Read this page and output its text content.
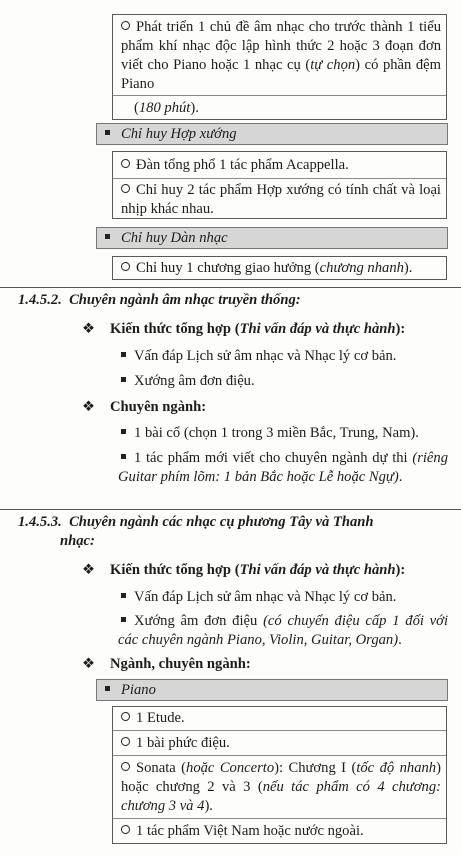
Phát triển 1 chủ đề âm nhạc cho trước thành 1 tiểu phẩm khí nhạc độc lập hình thức 2 hoặc 3 đoạn đơn viết cho Piano hoặc 1 nhạc cụ (tự chọn) có phần đệm Piano
(180 phút).
Chỉ huy Hợp xướng
Đàn tổng phổ 1 tác phẩm Acappella.
Chỉ huy 2 tác phẩm Hợp xướng có tính chất và loại nhịp khác nhau.
Chỉ huy Dàn nhạc
Chỉ huy 1 chương giao hưởng (chương nhanh).
1.4.5.2. Chuyên ngành âm nhạc truyền thống:
❖ Kiến thức tổng hợp (Thi vấn đáp và thực hành):
Vấn đáp Lịch sử âm nhạc và Nhạc lý cơ bản.
Xướng âm đơn điệu.
❖ Chuyên ngành:
1 bài cổ (chọn 1 trong 3 miền Bắc, Trung, Nam).
1 tác phẩm mới viết cho chuyên ngành dự thi (riêng Guitar phím lõm: 1 bản Bắc hoặc Lễ hoặc Ngự).
1.4.5.3. Chuyên ngành các nhạc cụ phương Tây và Thanh
nhạc:
❖ Kiến thức tổng hợp (Thi vấn đáp và thực hành):
Vấn đáp Lịch sử âm nhạc và Nhạc lý cơ bản.
Xướng âm đơn điệu (có chuyển điệu cấp 1 đối với các chuyên ngành Piano, Violin, Guitar, Organ).
❖ Ngành, chuyên ngành:
Piano
1 Etude.
1 bài phức điệu.
Sonata (hoặc Concerto): Chương I (tốc độ nhanh) hoặc chương 2 và 3 (nếu tác phẩm có 4 chương: chương 3 và 4).
1 tác phẩm Việt Nam hoặc nước ngoài.
